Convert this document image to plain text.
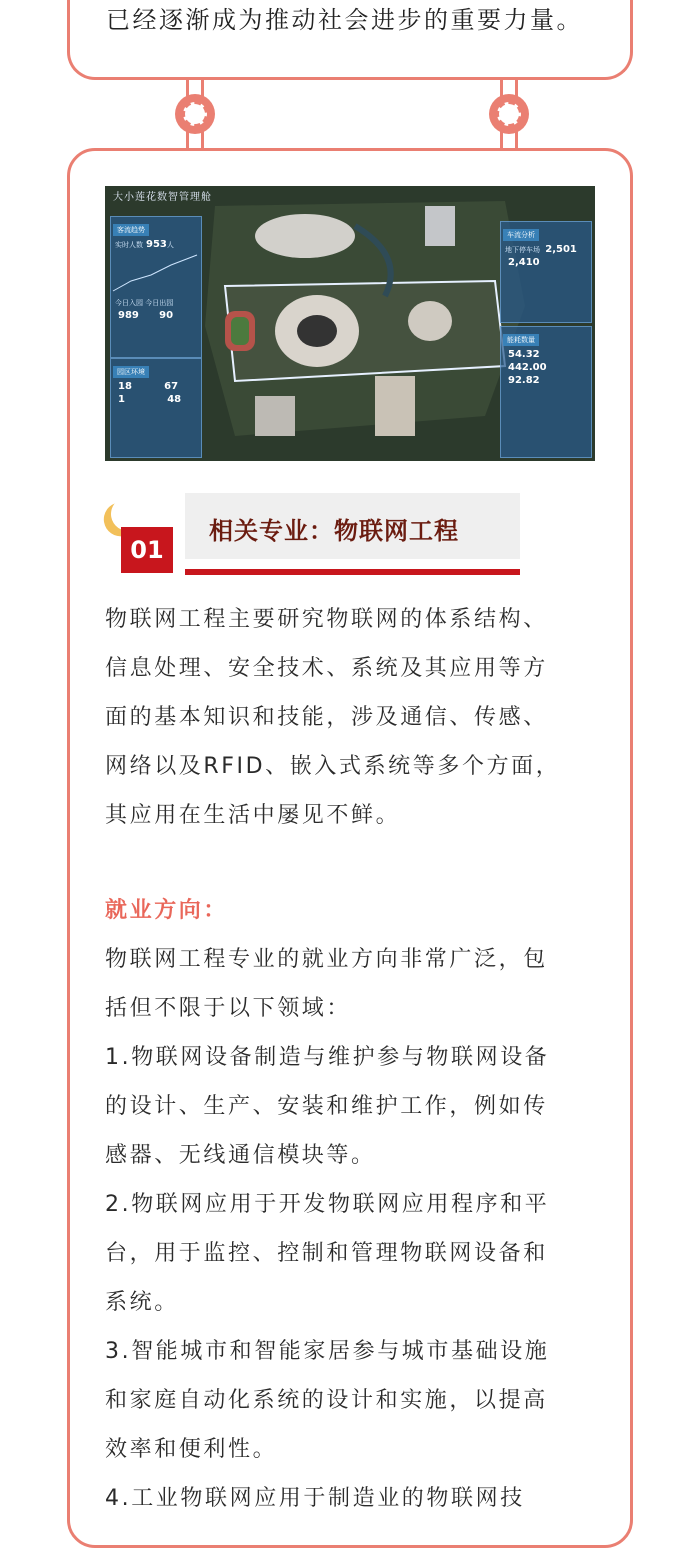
已经逐渐成为推动社会进步的重要力量。
大小莲花数智管理舱
客流趋势
实时人数 953人
今日入园 今日出园
989 90
园区环境
18	67
1	48
车流分析
地下停车场 2,501
2,410
能耗数量
54.32
442.00
92.82
01
相关专业：物联网工程
物联网工程主要研究物联网的体系结构、
信息处理、安全技术、系统及其应用等方
面的基本知识和技能，涉及通信、传感、
网络以及RFID、嵌入式系统等多个方面，
其应用在生活中屡见不鲜。
就业方向：
物联网工程专业的就业方向非常广泛，包
括但不限于以下领域：
1.物联网设备制造与维护参与物联网设备
的设计、生产、安装和维护工作，例如传
感器、无线通信模块等。
2.物联网应用于开发物联网应用程序和平
台，用于监控、控制和管理物联网设备和
系统。
3.智能城市和智能家居参与城市基础设施
和家庭自动化系统的设计和实施，以提高
效率和便利性。
4.工业物联网应用于制造业的物联网技
